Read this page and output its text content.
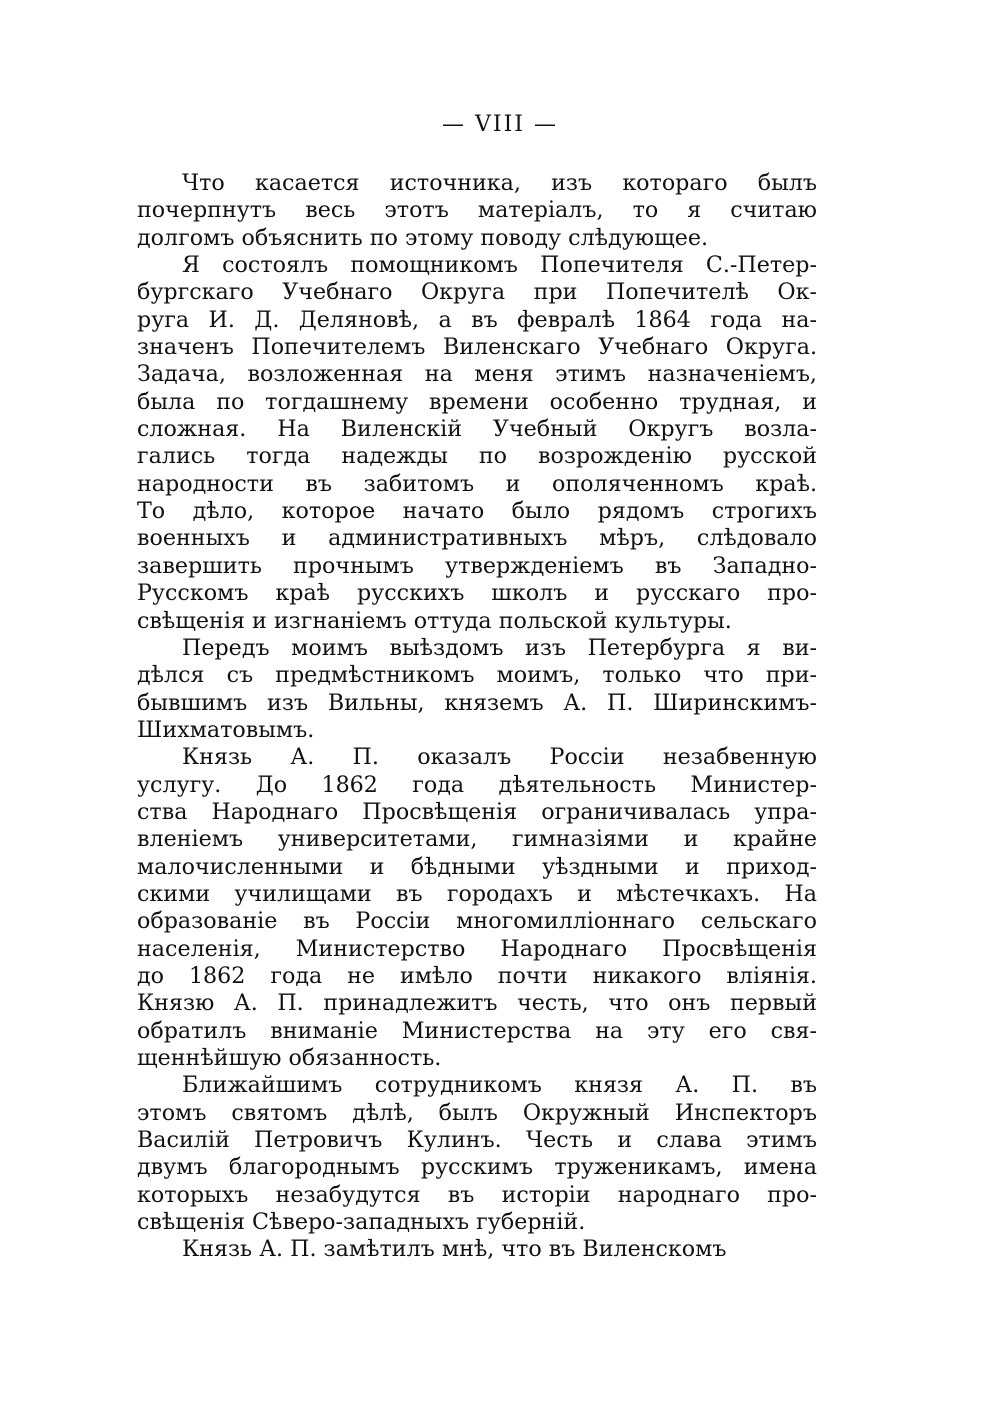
— VIII —
Что касается источника, изъ котораго былъ
почерпнутъ весь этотъ матеріалъ, то я считаю
долгомъ объяснить по этому поводу слѣдующее.
Я состоялъ помощникомъ Попечителя С.-Петер-
бургскаго Учебнаго Округа при Попечителѣ Ок-
руга И. Д. Деляновѣ, а въ февралѣ 1864 года на-
значенъ Попечителемъ Виленскаго Учебнаго Округа.
Задача, возложенная на меня этимъ назначеніемъ,
была по тогдашнему времени особенно трудная, и
сложная. На Виленскій Учебный Округъ возла-
гались тогда надежды по возрожденію русской
народности въ забитомъ и ополяченномъ краѣ.
То дѣло, которое начато было рядомъ строгихъ
военныхъ и административныхъ мѣръ, слѣдовало
завершить прочнымъ утвержденіемъ въ Западно-
Русскомъ краѣ русскихъ школъ и русскаго про-
свѣщенія и изгнаніемъ оттуда польской культуры.
Передъ моимъ выѣздомъ изъ Петербурга я ви-
дѣлся съ предмѣстникомъ моимъ, только что при-
бывшимъ изъ Вильны, княземъ А. П. Ширинскимъ-
Шихматовымъ.
Князь А. П. оказалъ Россіи незабвенную
услугу. До 1862 года дѣятельность Министер-
ства Народнаго Просвѣщенія ограничивалась упра-
вленіемъ университетами, гимназіями и крайне
малочисленными и бѣдными уѣздными и приход-
скими училищами въ городахъ и мѣстечкахъ. На
образованіе въ Россіи многомилліоннаго сельскаго
населенія, Министерство Народнаго Просвѣщенія
до 1862 года не имѣло почти никакого вліянія.
Князю А. П. принадлежитъ честь, что онъ первый
обратилъ вниманіе Министерства на эту его свя-
щеннѣйшую обязанность.
Ближайшимъ сотрудникомъ князя А. П. въ
этомъ святомъ дѣлѣ, былъ Окружный Инспекторъ
Василій Петровичъ Кулинъ. Честь и слава этимъ
двумъ благороднымъ русскимъ труженикамъ, имена
которыхъ незабудутся въ исторіи народнаго про-
свѣщенія Сѣверо-западныхъ губерній.
Князь А. П. замѣтилъ мнѣ, что въ Виленскомъ
